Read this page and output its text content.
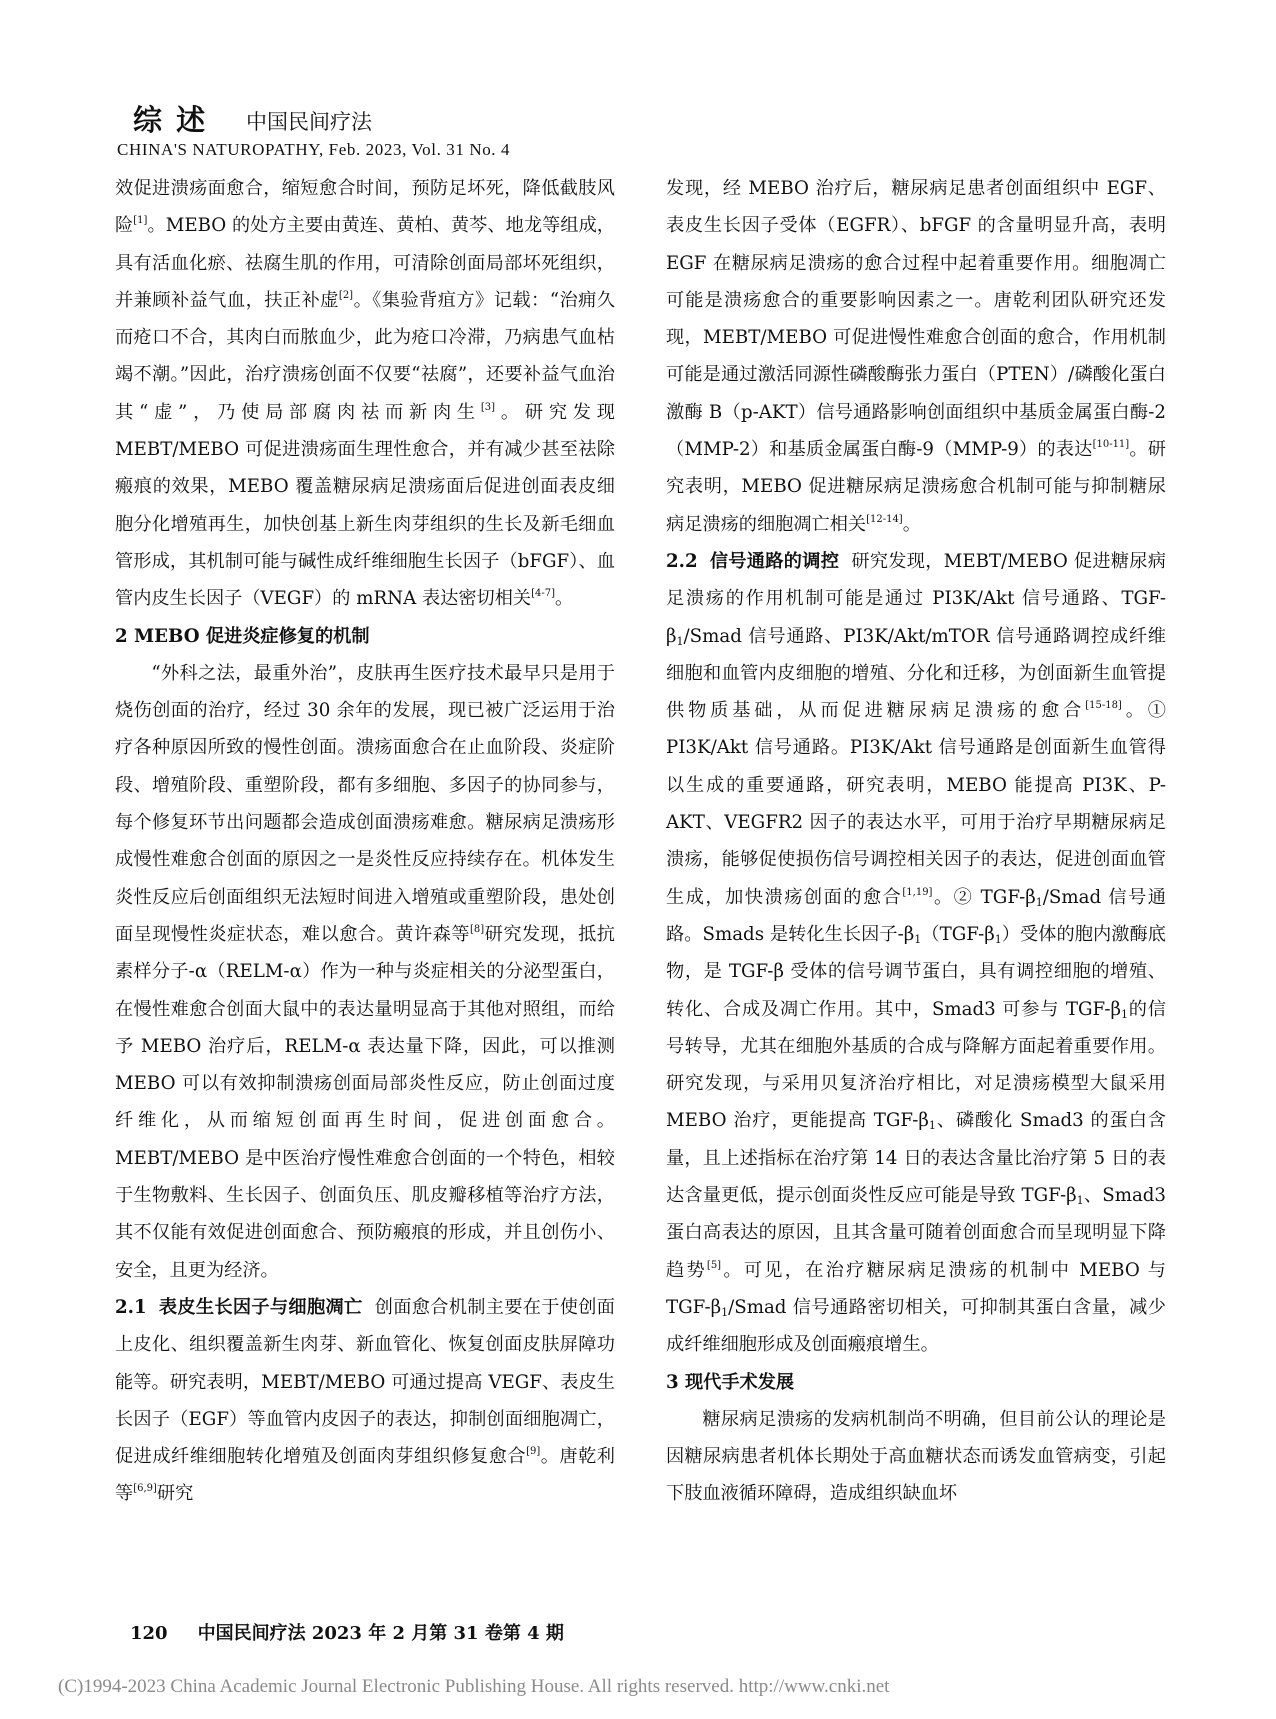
综 述 中国民间疗法
CHINA'S NATUROPATHY, Feb. 2023, Vol. 31 No. 4

效促进溃疡面愈合，缩短愈合时间，预防足坏死，降低截肢风险[1]。MEBO 的处方主要由黄连、黄柏、黄芩、地龙等组成，具有活血化瘀、祛腐生肌的作用，可清除创面局部坏死组织，并兼顾补益气血，扶正补虚[2]。《集验背疽方》记载：“治痈久而疮口不合，其肉白而脓血少，此为疮口冷滞，乃病患气血枯竭不潮。”因此，治疗溃疡创面不仅要“祛腐”，还要补益气血治其“虚”，乃使局部腐肉祛而新肉生[3]。研究发现 MEBT/MEBO 可促进溃疡面生理性愈合，并有减少甚至祛除瘢痕的效果，MEBO 覆盖糖尿病足溃疡面后促进创面表皮细胞分化增殖再生，加快创基上新生肉芽组织的生长及新毛细血管形成，其机制可能与碱性成纤维细胞生长因子（bFGF）、血管内皮生长因子（VEGF）的 mRNA 表达密切相关[4-7]。

2 MEBO 促进炎症修复的机制

“外科之法，最重外治”，皮肤再生医疗技术最早只是用于烧伤创面的治疗，经过 30 余年的发展，现已被广泛运用于治疗各种原因所致的慢性创面。溃疡面愈合在止血阶段、炎症阶段、增殖阶段、重塑阶段，都有多细胞、多因子的协同参与，每个修复环节出问题都会造成创面溃疡难愈。糖尿病足溃疡形成慢性难愈合创面的原因之一是炎性反应持续存在。机体发生炎性反应后创面组织无法短时间进入增殖或重塑阶段，患处创面呈现慢性炎症状态，难以愈合。黄许森等[8]研究发现，抵抗素样分子-α（RELM-α）作为一种与炎症相关的分泌型蛋白，在慢性难愈合创面大鼠中的表达量明显高于其他对照组，而给予 MEBO 治疗后，RELM-α 表达量下降，因此，可以推测 MEBO 可以有效抑制溃疡创面局部炎性反应，防止创面过度纤维化，从而缩短创面再生时间，促进创面愈合。MEBT/MEBO 是中医治疗慢性难愈合创面的一个特色，相较于生物敷料、生长因子、创面负压、肌皮瓣移植等治疗方法，其不仅能有效促进创面愈合、预防瘢痕的形成，并且创伤小、安全，且更为经济。

2.1 表皮生长因子与细胞凋亡 创面愈合机制主要在于使创面上皮化、组织覆盖新生肉芽、新血管化、恢复创面皮肤屏障功能等。研究表明，MEBT/MEBO 可通过提高 VEGF、表皮生长因子（EGF）等血管内皮因子的表达，抑制创面细胞凋亡，促进成纤维细胞转化增殖及创面肉芽组织修复愈合[9]。唐乾利等[6,9]研究

发现，经 MEBO 治疗后，糖尿病足患者创面组织中 EGF、表皮生长因子受体（EGFR）、bFGF 的含量明显升高，表明 EGF 在糖尿病足溃疡的愈合过程中起着重要作用。细胞凋亡可能是溃疡愈合的重要影响因素之一。唐乾利团队研究还发现，MEBT/MEBO 可促进慢性难愈合创面的愈合，作用机制可能是通过激活同源性磷酸酶张力蛋白（PTEN）/磷酸化蛋白激酶 B（p-AKT）信号通路影响创面组织中基质金属蛋白酶-2（MMP-2）和基质金属蛋白酶-9（MMP-9）的表达[10-11]。研究表明，MEBO 促进糖尿病足溃疡愈合机制可能与抑制糖尿病足溃疡的细胞凋亡相关[12-14]。

2.2 信号通路的调控 研究发现，MEBT/MEBO 促进糖尿病足溃疡的作用机制可能是通过 PI3K/Akt 信号通路、TGF-$\beta_1$/Smad 信号通路、PI3K/Akt/mTOR 信号通路调控成纤维细胞和血管内皮细胞的增殖、分化和迁移，为创面新生血管提供物质基础，从而促进糖尿病足溃疡的愈合[15-18]。① PI3K/Akt 信号通路。PI3K/Akt 信号通路是创面新生血管得以生成的重要通路，研究表明，MEBO 能提高 PI3K、P-AKT、VEGFR2 因子的表达水平，可用于治疗早期糖尿病足溃疡，能够促使损伤信号调控相关因子的表达，促进创面血管生成，加快溃疡创面的愈合[1,19]。② TGF-$\beta_1$/Smad 信号通路。Smads 是转化生长因子$-\beta_1(TGF-\beta_1)$受体的胞内激酶底物，是 TGF-β 受体的信号调节蛋白，具有调控细胞的增殖、转化、合成及凋亡作用。其中，Smad3 可参与 TGF-$\beta_1$的信号转导，尤其在细胞外基质的合成与降解方面起着重要作用。研究发现，与采用贝复济治疗相比，对足溃疡模型大鼠采用 MEBO 治疗，更能提高 TGF-$\beta_1$、磷酸化 Smad3 的蛋白含量，且上述指标在治疗第 14 日的表达含量比治疗第 5 日的表达含量更低，提示创面炎性反应可能是导致 TGF-$\beta_1$、Smad3 蛋白高表达的原因，且其含量可随着创面愈合而呈现明显下降趋势[5]。可见，在治疗糖尿病足溃疡的机制中 MEBO 与 TGF-$\beta_1$/Smad 信号通路密切相关，可抑制其蛋白含量，减少成纤维细胞形成及创面瘢痕增生。

3 现代手术发展

糖尿病足溃疡的发病机制尚不明确，但目前公认的理论是因糖尿病患者机体长期处于高血糖状态而诱发血管病变，引起下肢血液循环障碍，造成组织缺血坏

120 中国民间疗法 2023 年 2 月第 31 卷第 4 期
(C)1994-2023 China Academic Journal Electronic Publishing House. All rights reserved. http://www.cnki.net
